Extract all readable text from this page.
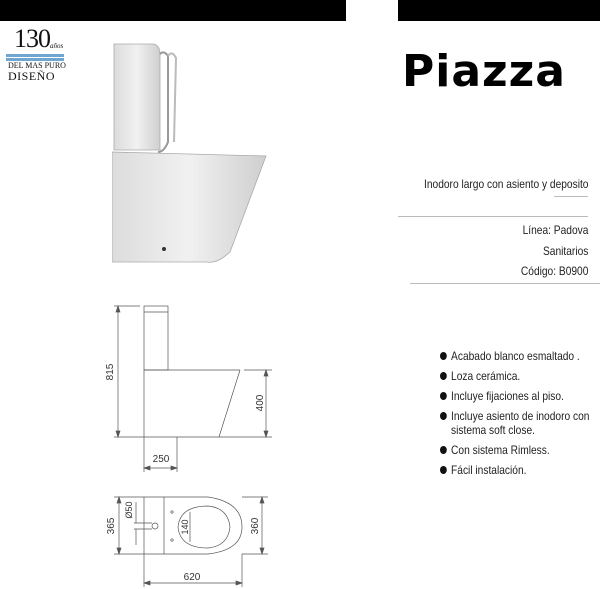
130 años
DEL MAS PURO
DISEÑO	Piazza
Inodoro largo con asiento y deposito
Línea: Padova
Sanitarios
Código: B0900
Acabado blanco esmaltado .
Loza cerámica.
Incluye fijaciones al piso.
Incluye asiento de inodoro con
sistema soft close.
Con sistema Rimless.
Fácil instalación.
815
400
250
365
Ø50
140	360
620
